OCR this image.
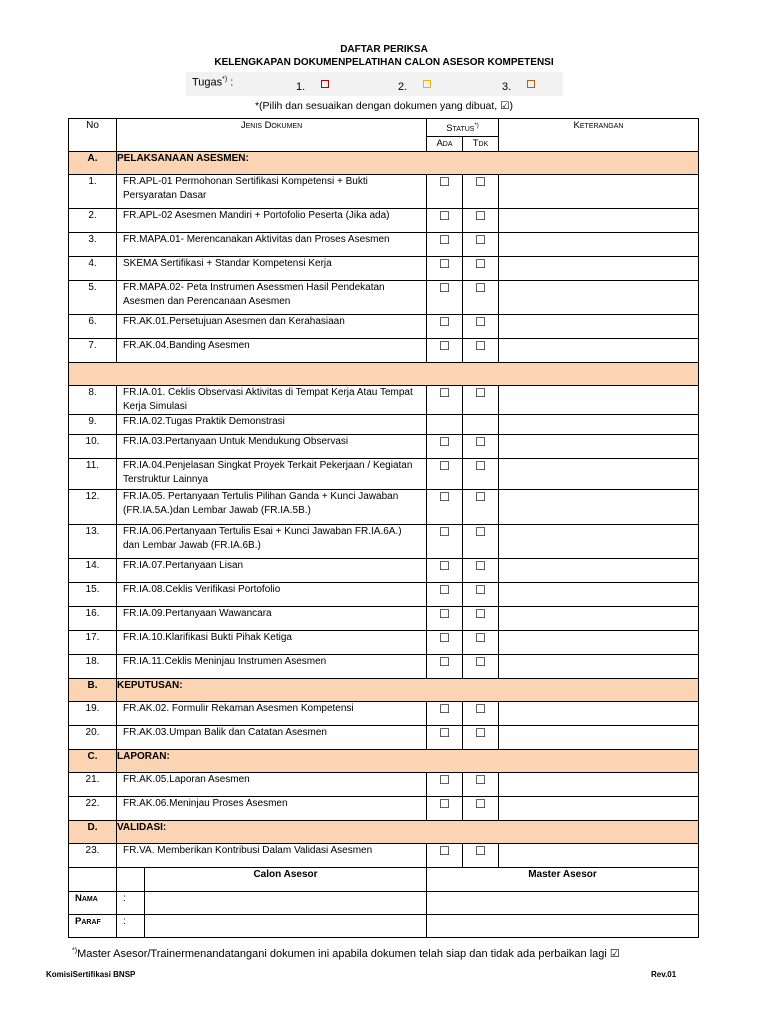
DAFTAR PERIKSA
KELENGKAPAN DOKUMENPELATIHAN CALON ASESOR KOMPETENSI
Tugas*) :	1.	2.	3.
*(Pilih dan sesuaikan dengan dokumen yang dibuat, ☑)
No	Jenis Dokumen		Status*)		Keterangan
			Ada	Tdk	
A.	PELAKSANAAN ASESMEN:				
1.	FR.APL-01 Permohonan Sertifikasi Kompetensi + Bukti Persyaratan Dasar		☐	☐	
2.	FR.APL-02 Asesmen Mandiri + Portofolio Peserta (Jika ada)		☐	☐	
3.	FR.MAPA.01- Merencanakan Aktivitas dan Proses Asesmen		☐	☐	
4.	SKEMA Sertifikasi + Standar Kompetensi Kerja		☐	☐	
5.	FR.MAPA.02- Peta Instrumen Asessmen Hasil Pendekatan Asesmen dan Perencanaan Asesmen		☐	☐	
6.	FR.AK.01.Persetujuan Asesmen dan Kerahasiaan		☐	☐	
7.	FR.AK.04.Banding Asesmen		☐	☐	

8.	FR.IA.01. Ceklis Observasi Aktivitas di Tempat Kerja Atau Tempat Kerja Simulasi		☐	☐	
9.	FR.IA.02.Tugas Praktik Demonstrasi				
10.	FR.IA.03.Pertanyaan Untuk Mendukung Observasi		☐	☐	
11.	FR.IA.04.Penjelasan Singkat Proyek Terkait Pekerjaan / Kegiatan Terstruktur Lainnya		☐	☐	
12.	FR.IA.05. Pertanyaan Tertulis Pilihan Ganda + Kunci Jawaban (FR.IA.5A.)dan Lembar Jawab (FR.IA.5B.)		☐	☐	
13.	FR.IA.06.Pertanyaan Tertulis Esai + Kunci Jawaban FR.IA.6A.) dan Lembar Jawab (FR.IA.6B.)		☐	☐	
14.	FR.IA.07.Pertanyaan Lisan		☐	☐	
15.	FR.IA.08.Ceklis Verifikasi Portofolio		☐	☐	
16.	FR.IA.09.Pertanyaan Wawancara		☐	☐	
17.	FR.IA.10.Klarifikasi Bukti Pihak Ketiga		☐	☐	
18.	FR.IA.11.Ceklis Meninjau Instrumen Asesmen		☐	☐	
B.	KEPUTUSAN:				
19.	FR.AK.02. Formulir Rekaman Asesmen Kompetensi		☐	☐	
20.	FR.AK.03.Umpan Balik dan Catatan Asesmen		☐	☐	
C.	LAPORAN:				
21.	FR.AK.05.Laporan Asesmen		☐	☐	
22.	FR.AK.06.Meninjau Proses Asesmen		☐	☐	
D.	VALIDASI:				
23.	FR.VA. Memberikan Kontribusi Dalam Validasi Asesmen		☐	☐	
		Calon Asesor	Master Asesor		
Nama	:				
Paraf	:				
*)Master Asesor/Trainermenandatangani dokumen ini apabila dokumen telah siap dan tidak ada perbaikan lagi ☑
KomisiSertifikasi BNSP	Rev.01
